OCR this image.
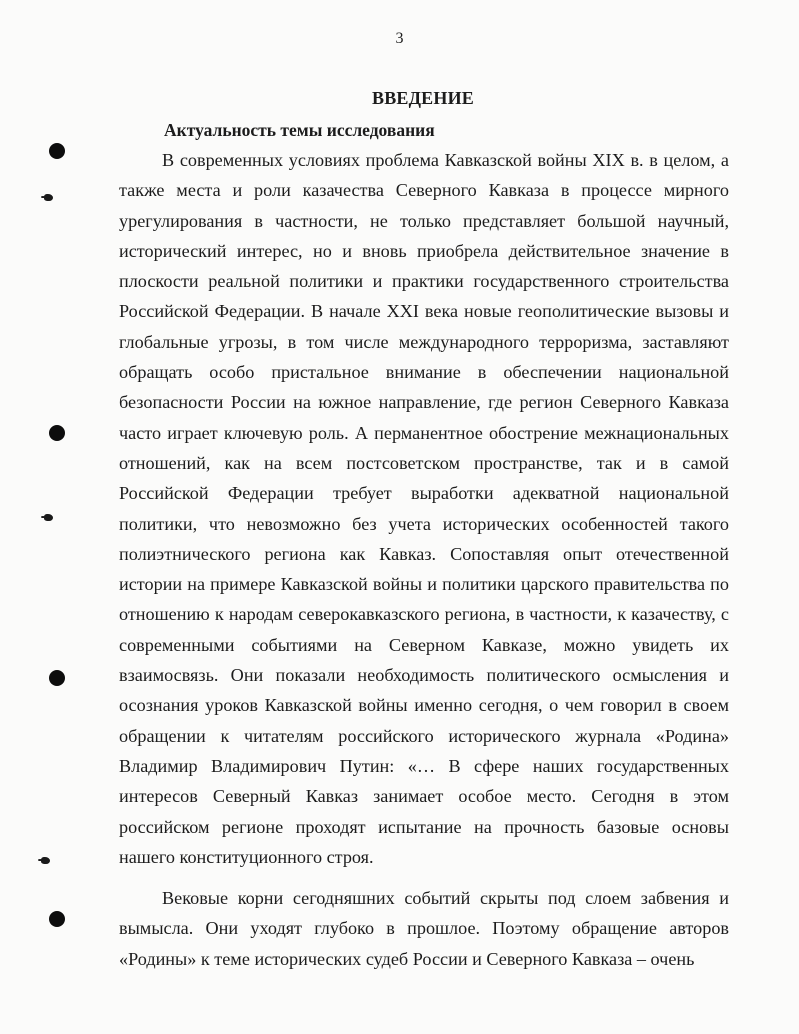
3
ВВЕДЕНИЕ
Актуальность темы исследования

В современных условиях проблема Кавказской войны XIX в. в целом, а также места и роли казачества Северного Кавказа в процессе мирного урегулирования в частности, не только представляет большой научный, исторический интерес, но и вновь приобрела действительное значение в плоскости реальной политики и практики государственного строительства Российской Федерации. В начале XXI века новые геополитические вызовы и глобальные угрозы, в том числе международного терроризма, заставляют обращать особо пристальное внимание в обеспечении национальной безопасности России на южное направление, где регион Северного Кавказа часто играет ключевую роль. А перманентное обострение межнациональных отношений, как на всем постсоветском пространстве, так и в самой Российской Федерации требует выработки адекватной национальной политики, что невозможно без учета исторических особенностей такого полиэтнического региона как Кавказ. Сопоставляя опыт отечественной истории на примере Кавказской войны и политики царского правительства по отношению к народам северокавказского региона, в частности, к казачеству, с современными событиями на Северном Кавказе, можно увидеть их взаимосвязь. Они показали необходимость политического осмысления и осознания уроков Кавказской войны именно сегодня, о чем говорил в своем обращении к читателям российского исторического журнала «Родина» Владимир Владимирович Путин: «… В сфере наших государственных интересов Северный Кавказ занимает особое место. Сегодня в этом российском регионе проходят испытание на прочность базовые основы нашего конституционного строя.

Вековые корни сегодняшних событий скрыты под слоем забвения и вымысла. Они уходят глубоко в прошлое. Поэтому обращение авторов «Родины» к теме исторических судеб России и Северного Кавказа – очень
